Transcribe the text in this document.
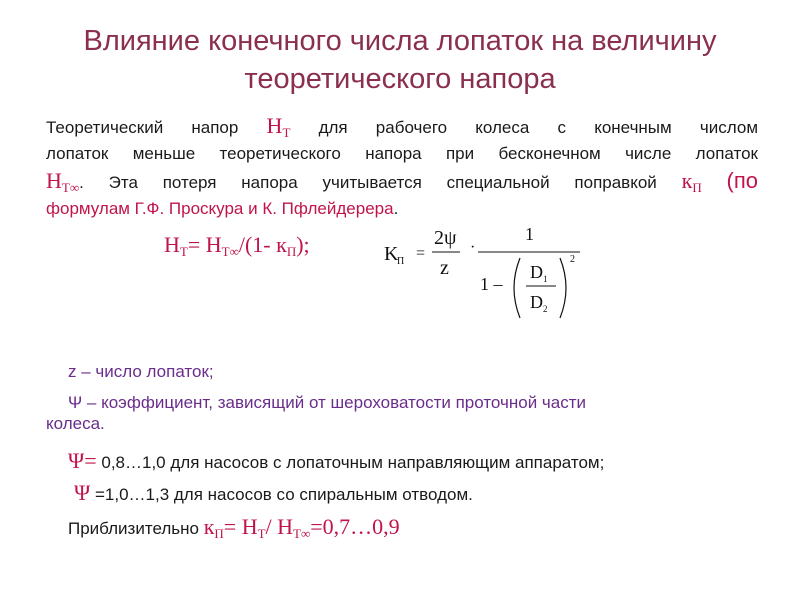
Влияние конечного числа лопаток на величину
теоретического напора
Теоретический напор $H_T$ для рабочего колеса с конечным числом
лопаток меньше теоретического напора при бесконечном числе лопаток
$H_{T\infty}$. Эта потеря напора учитывается специальной поправкой $к_П$ (по
формулам Г.Ф. Проскура и К. Пфлейдерера.
$H_T= H_{T\infty}/(1-$ $к_П$);	K
П =
2ψ
z
·
1
1 –
D 1
D 2
2
z – число лопаток;
Ψ – коэффициент, зависящий от шероховатости проточной части
колеса.
Ψ= 0,8…1,0 для насосов с лопаточным направляющим аппаратом;
Ψ =1,0…1,3 для насосов со спиральным отводом.
Приблизительно $к_П= H_T/$ $H_{T\infty}=0,7\dots 0,9$
